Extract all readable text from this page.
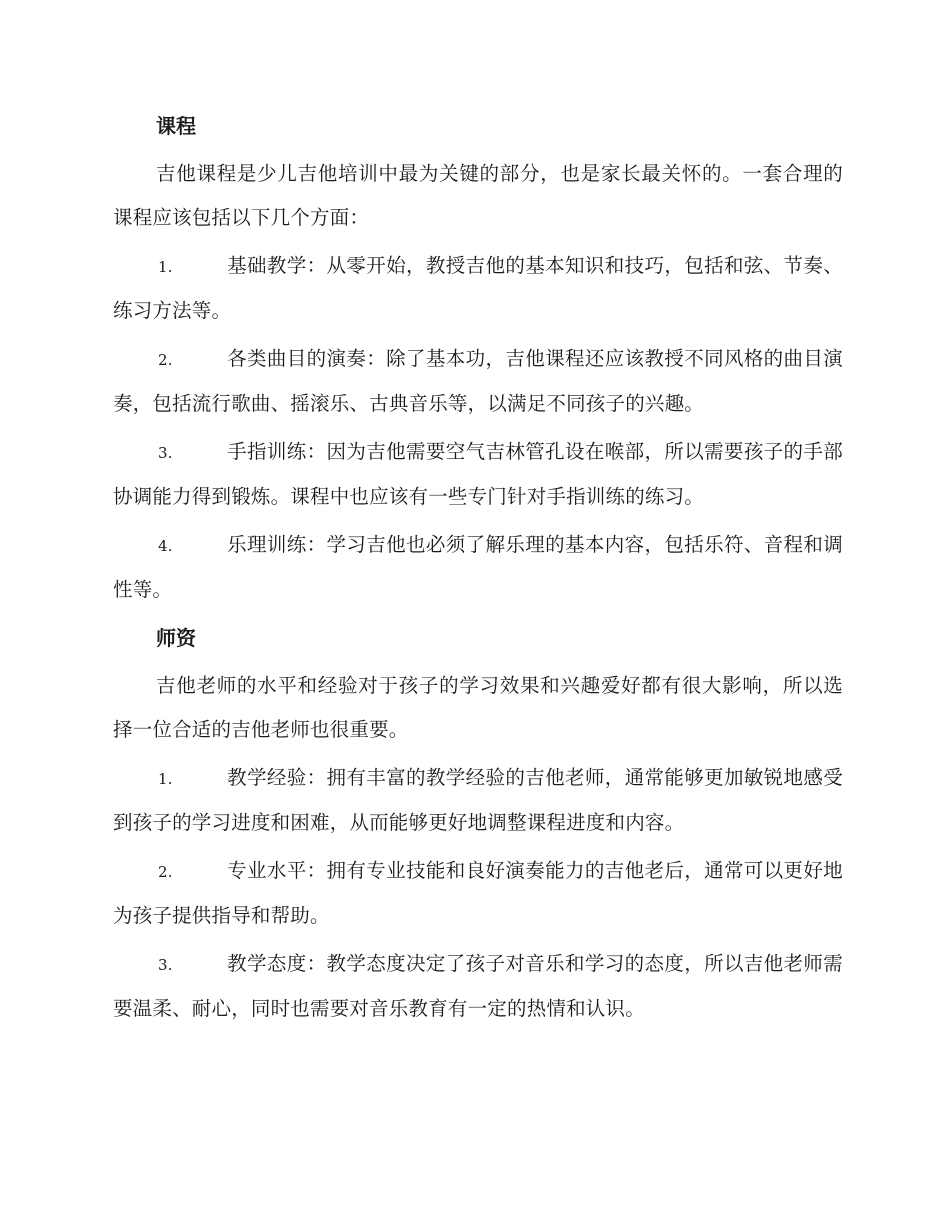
课程

吉他课程是少儿吉他培训中最为关键的部分，也是家长最关怀的。一套合理的课程应该包括以下几个方面：

1.	基础教学：从零开始，教授吉他的基本知识和技巧，包括和弦、节奏、练习方法等。

2.	各类曲目的演奏：除了基本功，吉他课程还应该教授不同风格的曲目演奏，包括流行歌曲、摇滚乐、古典音乐等，以满足不同孩子的兴趣。

3.	手指训练：因为吉他需要空气吉林管孔设在喉部，所以需要孩子的手部协调能力得到锻炼。课程中也应该有一些专门针对手指训练的练习。

4.	乐理训练：学习吉他也必须了解乐理的基本内容，包括乐符、音程和调性等。

师资

吉他老师的水平和经验对于孩子的学习效果和兴趣爱好都有很大影响，所以选择一位合适的吉他老师也很重要。

1.	教学经验：拥有丰富的教学经验的吉他老师，通常能够更加敏锐地感受到孩子的学习进度和困难，从而能够更好地调整课程进度和内容。

2.	专业水平：拥有专业技能和良好演奏能力的吉他老后，通常可以更好地为孩子提供指导和帮助。

3.	教学态度：教学态度决定了孩子对音乐和学习的态度，所以吉他老师需要温柔、耐心，同时也需要对音乐教育有一定的热情和认识。
